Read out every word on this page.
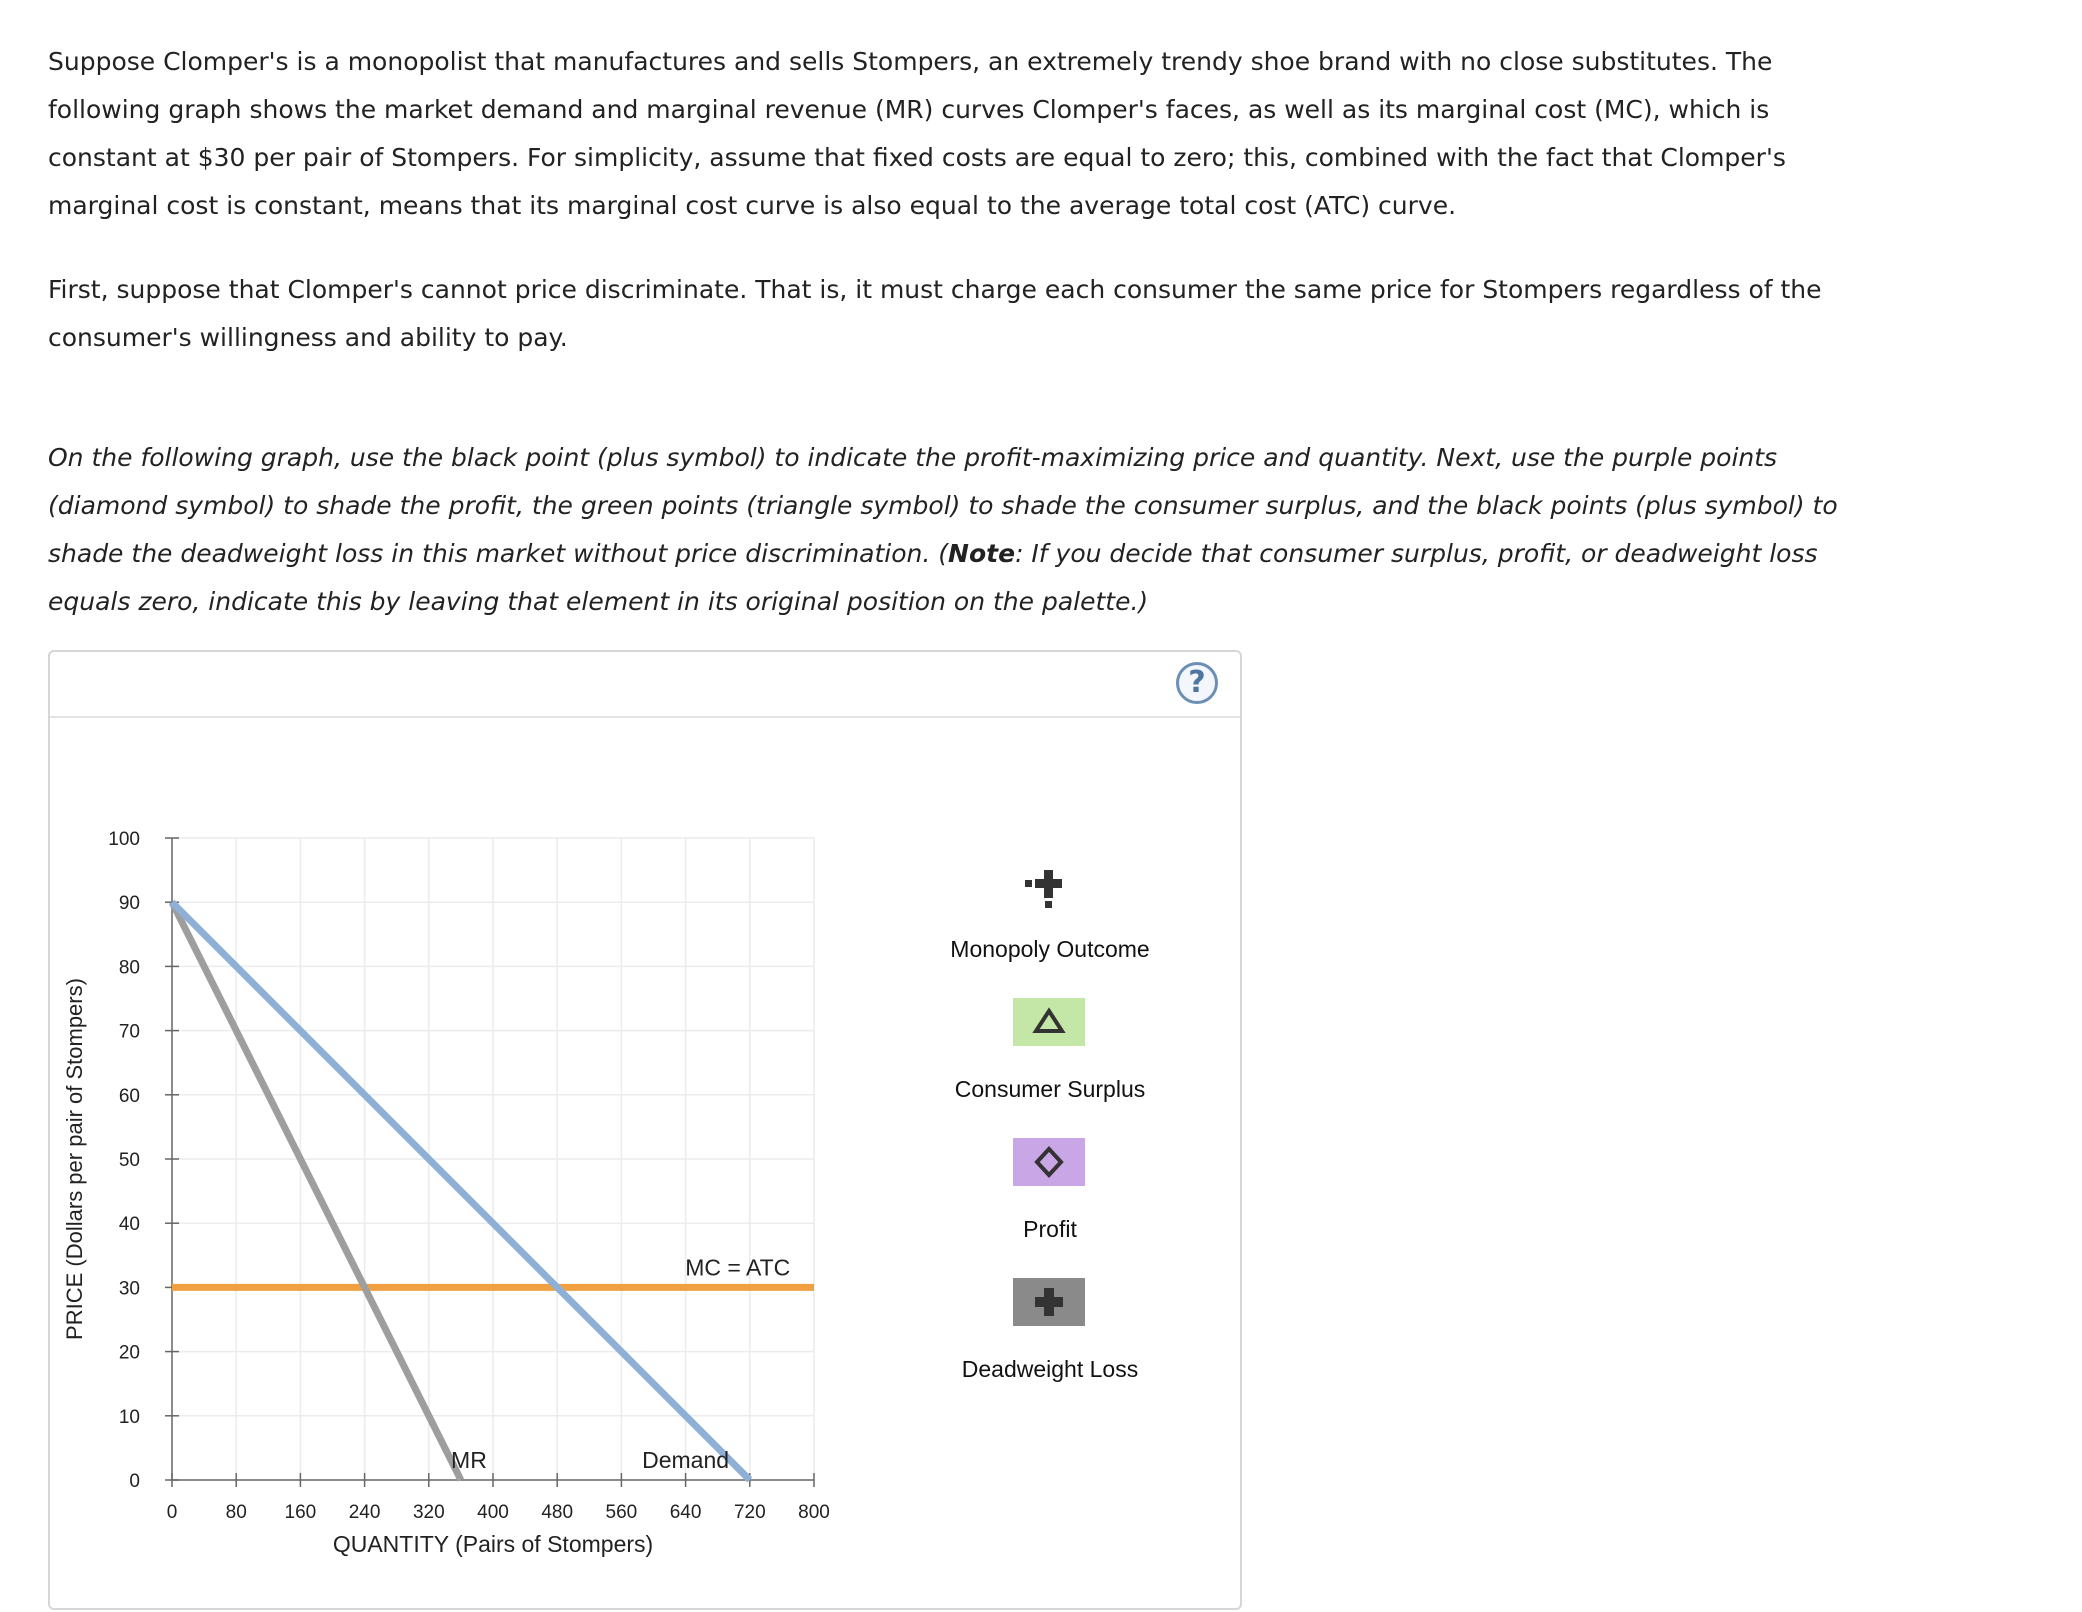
Suppose Clomper's is a monopolist that manufactures and sells Stompers, an extremely trendy shoe brand with no close substitutes. The following graph shows the market demand and marginal revenue (MR) curves Clomper's faces, as well as its marginal cost (MC), which is constant at $30 per pair of Stompers. For simplicity, assume that fixed costs are equal to zero; this, combined with the fact that Clomper's marginal cost is constant, means that its marginal cost curve is also equal to the average total cost (ATC) curve.

First, suppose that Clomper's cannot price discriminate. That is, it must charge each consumer the same price for Stompers regardless of the consumer's willingness and ability to pay.

On the following graph, use the black point (plus symbol) to indicate the profit-maximizing price and quantity. Next, use the purple points (diamond symbol) to shade the profit, the green points (triangle symbol) to shade the consumer surplus, and the black points (plus symbol) to shade the deadweight loss in this market without price discrimination. (Note: If you decide that consumer surplus, profit, or deadweight loss equals zero, indicate this by leaving that element in its original position on the palette.)

?
0	80 160 240 320 400 480 560 640 720 800
0
10
20
30
40
50
60
70
80
90
100
QUANTITY (Pairs of Stompers)
PRICE (Dollars per pair of Stompers)
Demand
MR
MC = ATC
Monopoly Outcome
Consumer Surplus
Profit
Deadweight Loss
